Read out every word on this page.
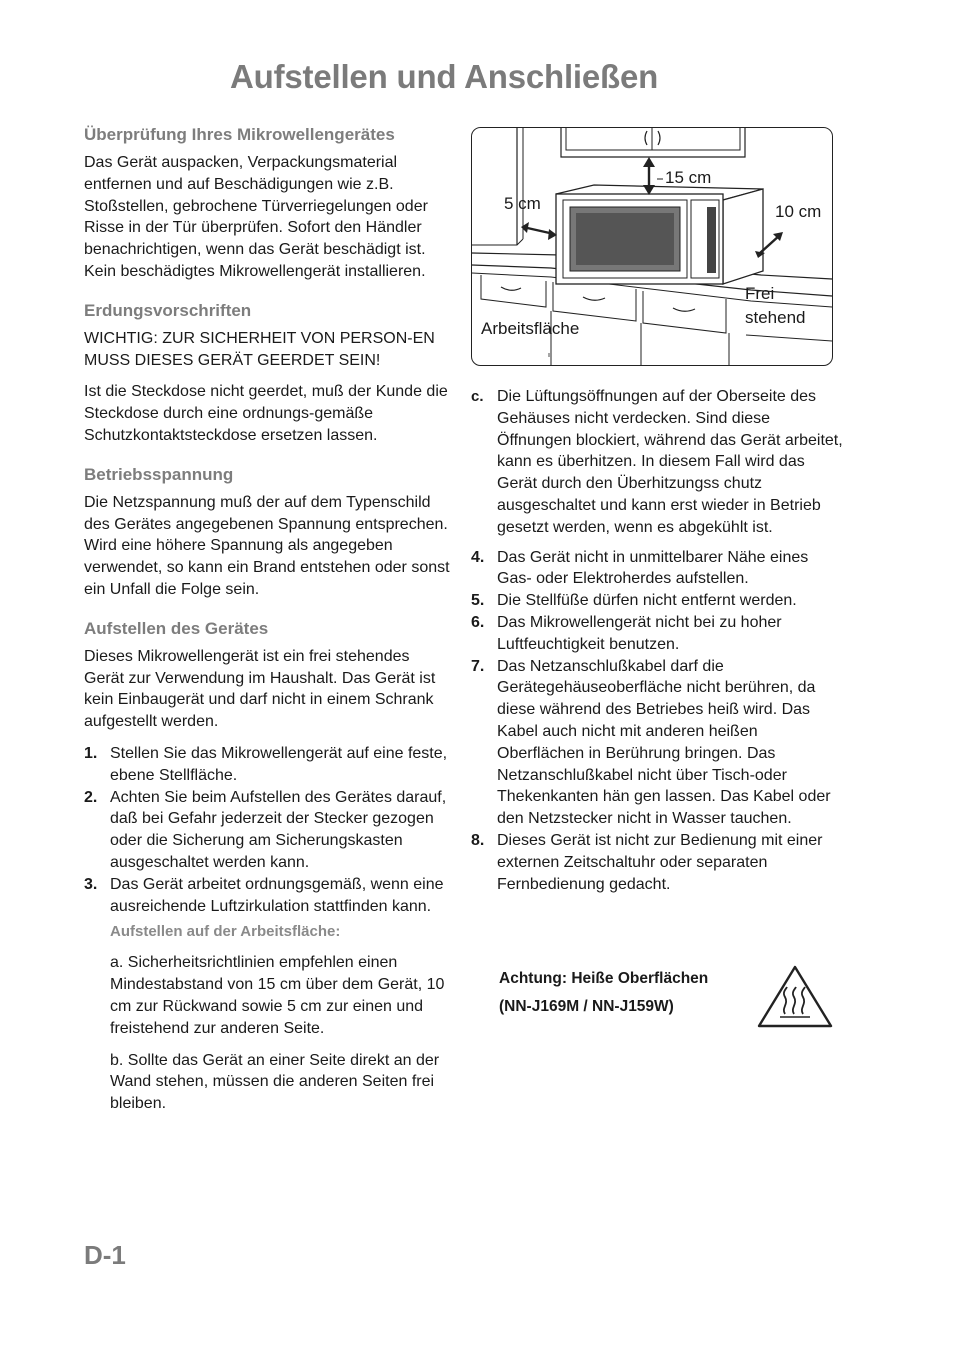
Aufstellen und Anschließen
Überprüfung Ihres Mikrowellengerätes

Das Gerät auspacken, Verpackungsmaterial entfernen und auf Beschädigungen wie z.B. Stoßstellen, gebrochene Türverriegelungen oder Risse in der Tür überprüfen. Sofort den Händler benachrichtigen, wenn das Gerät beschädigt ist. Kein beschädigtes Mikrowellengerät installieren.

Erdungsvorschriften

WICHTIG: ZUR SICHERHEIT VON PERSON-EN MUSS DIESES GERÄT GEERDET SEIN!

Ist die Steckdose nicht geerdet, muß der Kunde die Steckdose durch eine ordnungs-gemäße Schutzkontaktsteckdose ersetzen lassen.

Betriebsspannung

Die Netzspannung muß der auf dem Typenschild des Gerätes angegebenen Spannung entsprechen. Wird eine höhere Spannung als angegeben verwendet, so kann ein Brand entstehen oder sonst ein Unfall die Folge sein.

Aufstellen des Gerätes

Dieses Mikrowellengerät ist ein frei stehendes Gerät zur Verwendung im Haushalt. Das Gerät ist kein Einbaugerät und darf nicht in einem Schrank aufgestellt werden.

1. Stellen Sie das Mikrowellengerät auf eine feste, ebene Stellfläche.
2. Achten Sie beim Aufstellen des Gerätes darauf, daß bei Gefahr jederzeit der Stecker gezogen oder die Sicherung am Sicherungskasten ausgeschaltet werden kann.
3. Das Gerät arbeitet ordnungsgemäß, wenn eine ausreichende Luftzirkulation stattfinden kann.
Aufstellen auf der Arbeitsfläche:

a. Sicherheitsrichtlinien empfehlen einen Mindestabstand von 15 cm über dem Gerät, 10 cm zur Rückwand sowie 5 cm zur einen und freistehend zur anderen Seite.

b. Sollte das Gerät an einer Seite direkt an der Wand stehen, müssen die anderen Seiten frei bleiben.

15 cm
5 cm	10 cm
Frei
stehend
Arbeitsfläche
c. Die Lüftungsöffnungen auf der Oberseite des Gehäuses nicht verdecken. Sind diese Öffnungen blockiert, während das Gerät arbeitet, kann es überhitzen. In diesem Fall wird das Gerät durch den Überhitzungss chutz ausgeschaltet und kann erst wieder in Betrieb gesetzt werden, wenn es abgekühlt ist.
4. Das Gerät nicht in unmittelbarer Nähe eines Gas- oder Elektroherdes aufstellen.
5. Die Stellfüße dürfen nicht entfernt werden.
6. Das Mikrowellengerät nicht bei zu hoher Luftfeuchtigkeit benutzen.
7. Das Netzanschlußkabel darf die Gerätegehäuseoberfläche nicht berühren, da diese während des Betriebes heiß wird. Das Kabel auch nicht mit anderen heißen Oberflächen in Berührung bringen. Das Netzanschlußkabel nicht über Tisch-oder Thekenkanten hän gen lassen. Das Kabel oder den Netzstecker nicht in Wasser tauchen.
8. Dieses Gerät ist nicht zur Bedienung mit einer externen Zeitschaltuhr oder separaten Fernbedienung gedacht.

Achtung: Heiße Oberflächen

(NN-J169M / NN-J159W)

D-1
